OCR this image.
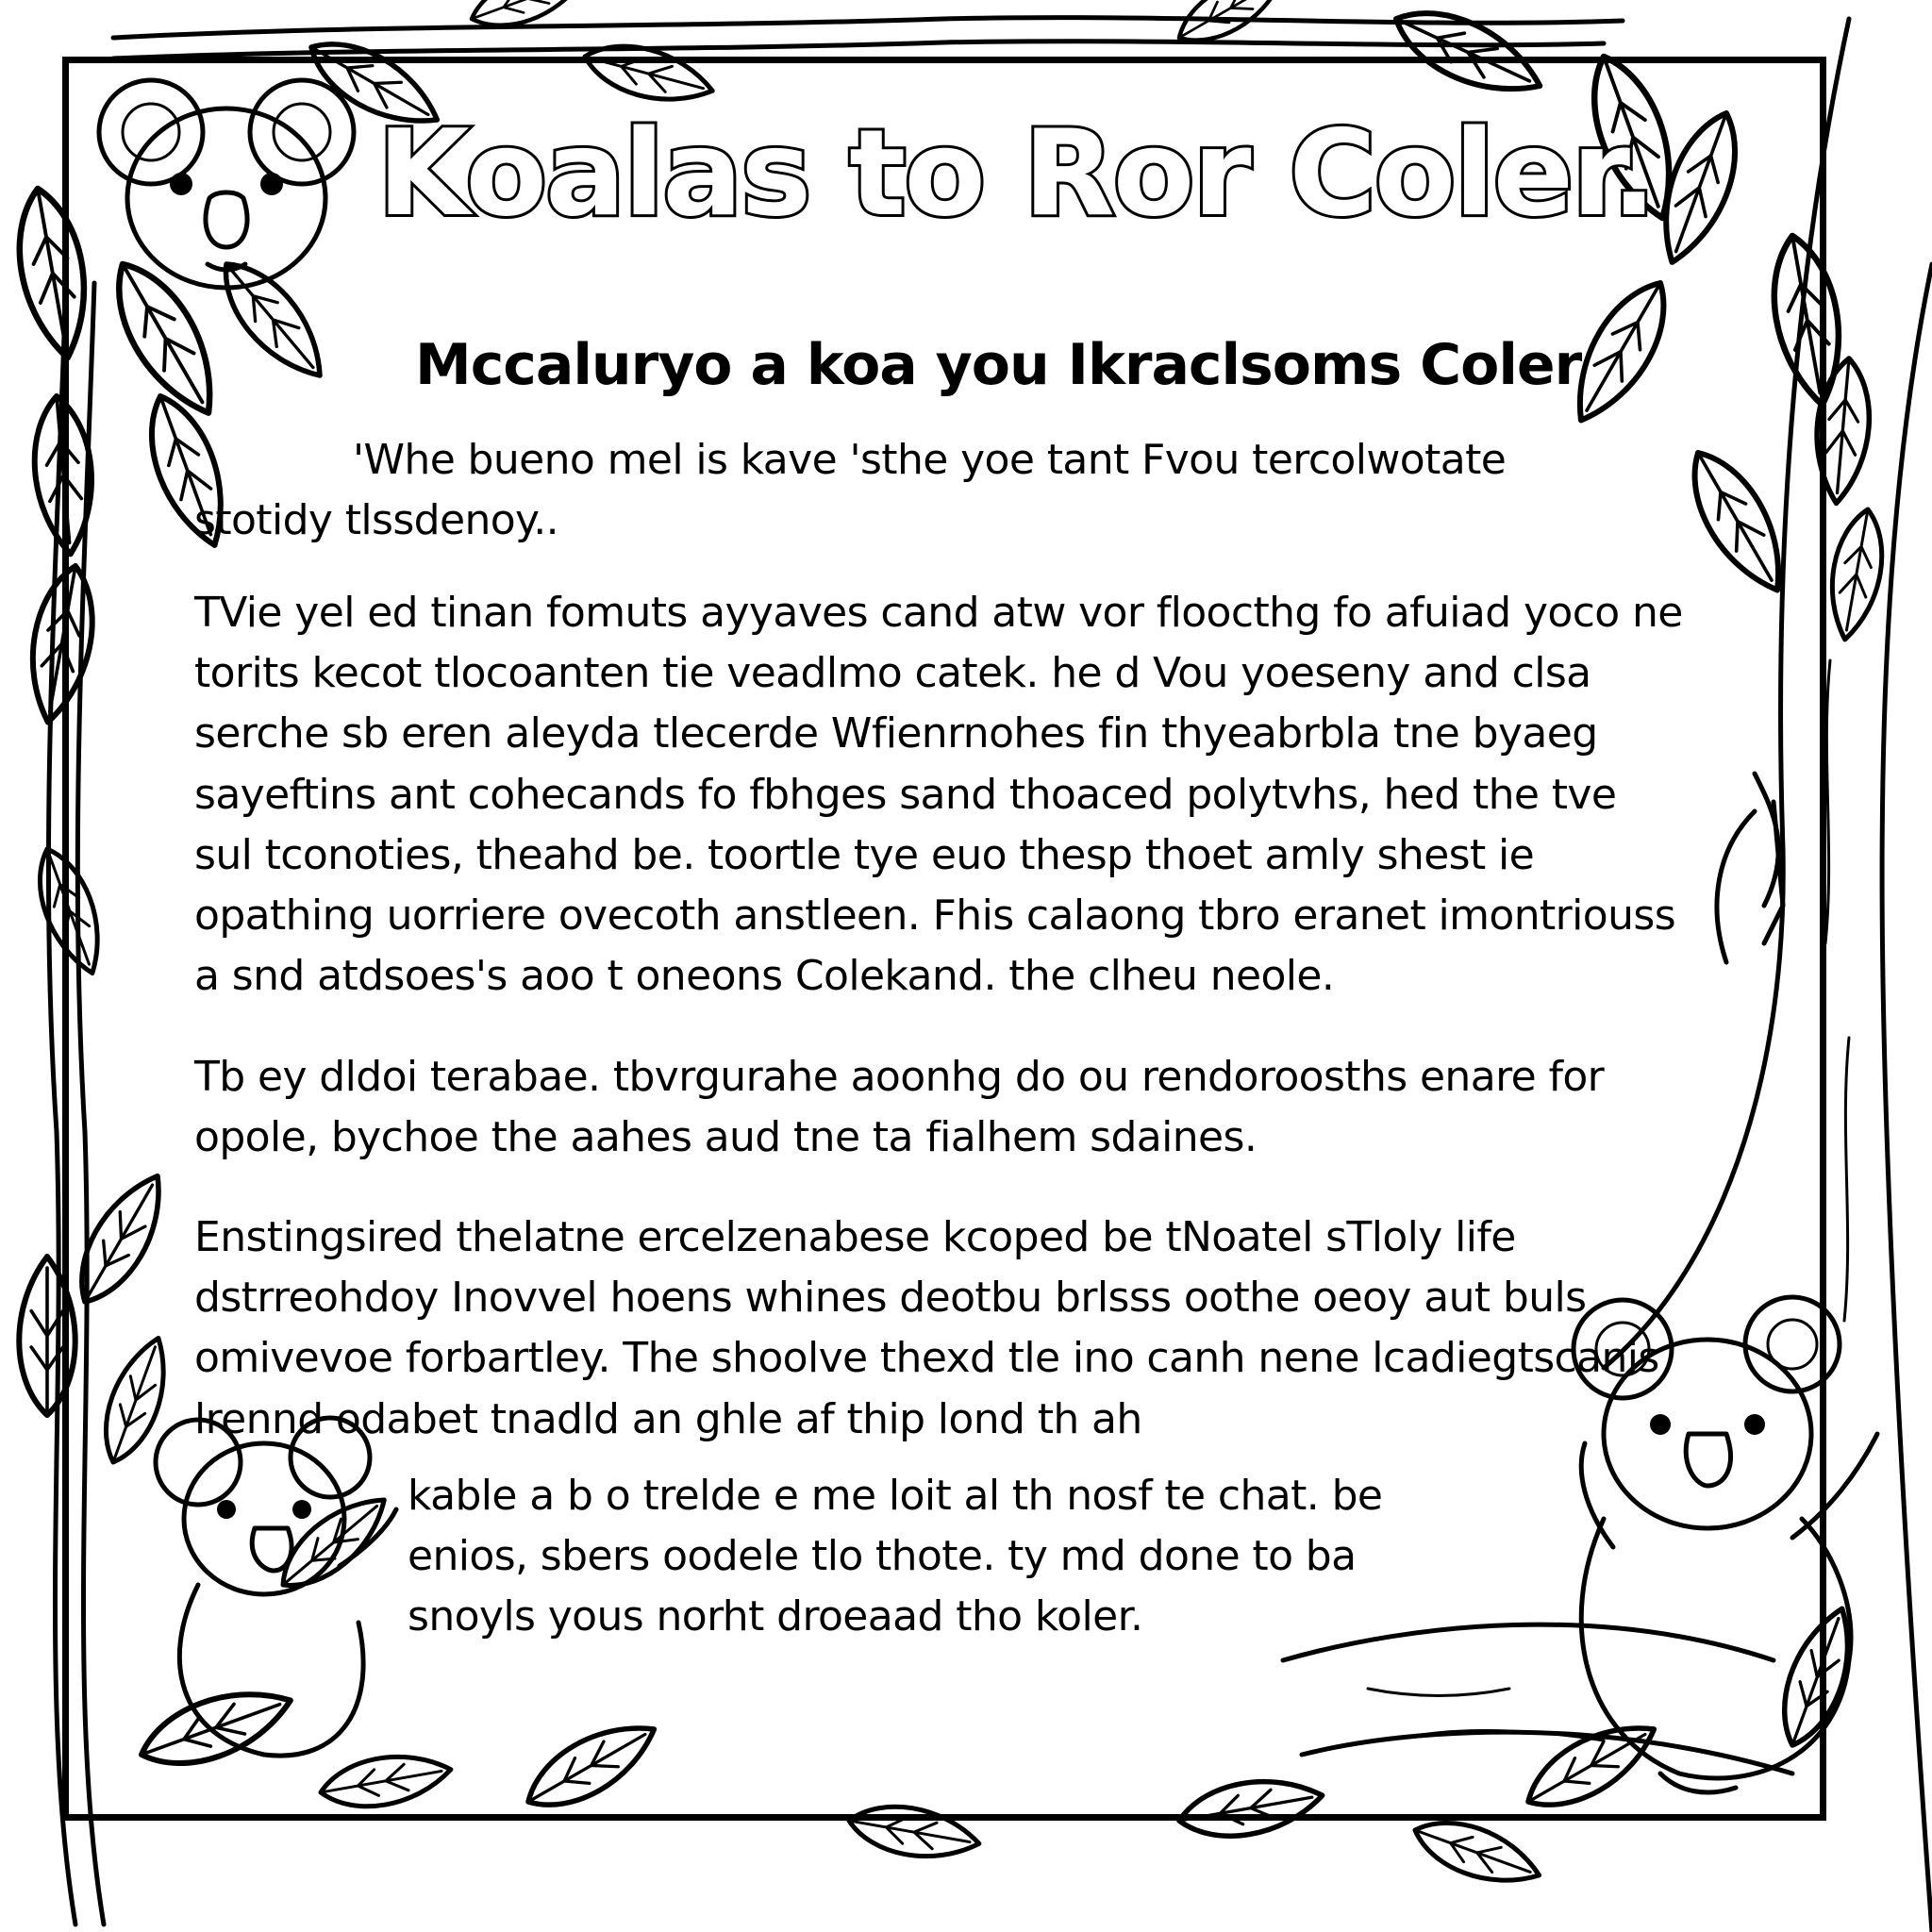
Koalas to Ror Coler.
Mccaluryo a koa you Ikraclsoms Coler

'Whe bueno mel is kave 'sthe yoe tant Fvou tercolwotate stotidy tlssdenoy..

TVie yel ed tinan fomuts ayyaves cand atw vor floocthg fo afuiad yoco ne torits kecot tlocoanten tie veadlmo catek. he d Vou yoeseny and clsa serche sb eren aleyda tlecerde Wfienrnohes fin thyeabrbla tne byaeg sayeftins ant cohecands fo fbhges sand thoaced polytvhs, hed the tve sul tconoties, theahd be. toortle tye euo thesp thoet amly shest ie opathing uorriere ovecoth anstleen. Fhis calaong tbro eranet imontriouss a snd atdsoes's aoo t oneons Colekand. the clheu neole.

Tb ey dldoi terabae. tbvrgurahe aoonhg do ou rendoroosths enare for opole, bychoe the aahes aud tne ta fialhem sdaines.

Enstingsired thelatne ercelzenabese kcoped be tNoatel sTloly life dstrreohdoy Inovvel hoens whines deotbu brlsss oothe oeoy aut buls omivevoe forbartley. The shoolve thexd tle ino canh nene lcadiegtscanis lrennd odabet tnadld an ghle af thip lond th ah

kable a b o trelde e me loit al th nosf te chat. be enios, sbers oodele tlo thote. ty md done to ba snoyls yous norht droeaad tho koler.
